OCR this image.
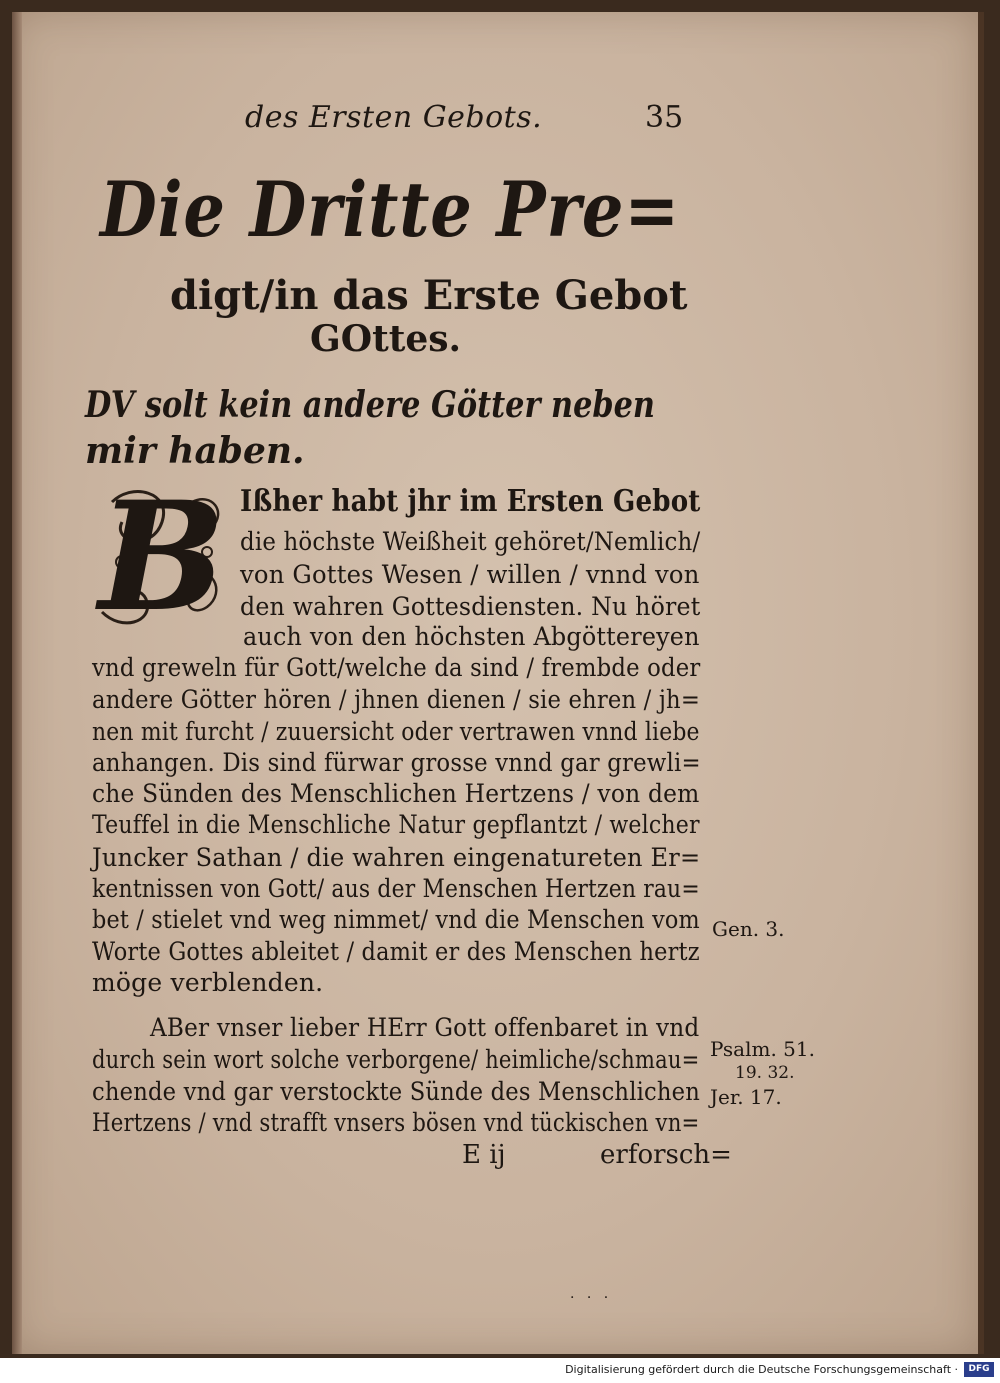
des Ersten Gebots.	35
Die Dritte Pre=
digt/in das Erste Gebot
GOttes.
DV solt kein andere Götter neben
mir haben.
B Ißher habt jhr im Ersten Gebot
die höchste Weißheit gehöret/Nemlich/
von Gottes Wesen / willen / vnnd von
den wahren Gottesdiensten. Nu höret
auch von den höchsten Abgöttereyen
vnd greweln für Gott/welche da sind / frembde oder
andere Götter hören / jhnen dienen / sie ehren / jh=
nen mit furcht / zuuersicht oder vertrawen vnnd liebe
anhangen. Dis sind fürwar grosse vnnd gar grewli=
che Sünden des Menschlichen Hertzens / von dem
Teuffel in die Menschliche Natur gepflantzt / welcher
Juncker Sathan / die wahren eingenatureten Er=
kentnissen von Gott/ aus der Menschen Hertzen rau=
bet / stielet vnd weg nimmet/ vnd die Menschen vom
Worte Gottes ableitet / damit er des Menschen hertz
möge verblenden.
ABer vnser lieber HErr Gott offenbaret in vnd
durch sein wort solche verborgene/ heimliche/schmau=
chende vnd gar verstockte Sünde des Menschlichen
Hertzens / vnd strafft vnsers bösen vnd tückischen vn=
Gen. 3.
Psalm. 51.
19. 32.
Jer. 17.
E ij	erforsch=
· · ·
Digitalisierung gefördert durch die Deutsche Forschungsgemeinschaft ·	DFG
